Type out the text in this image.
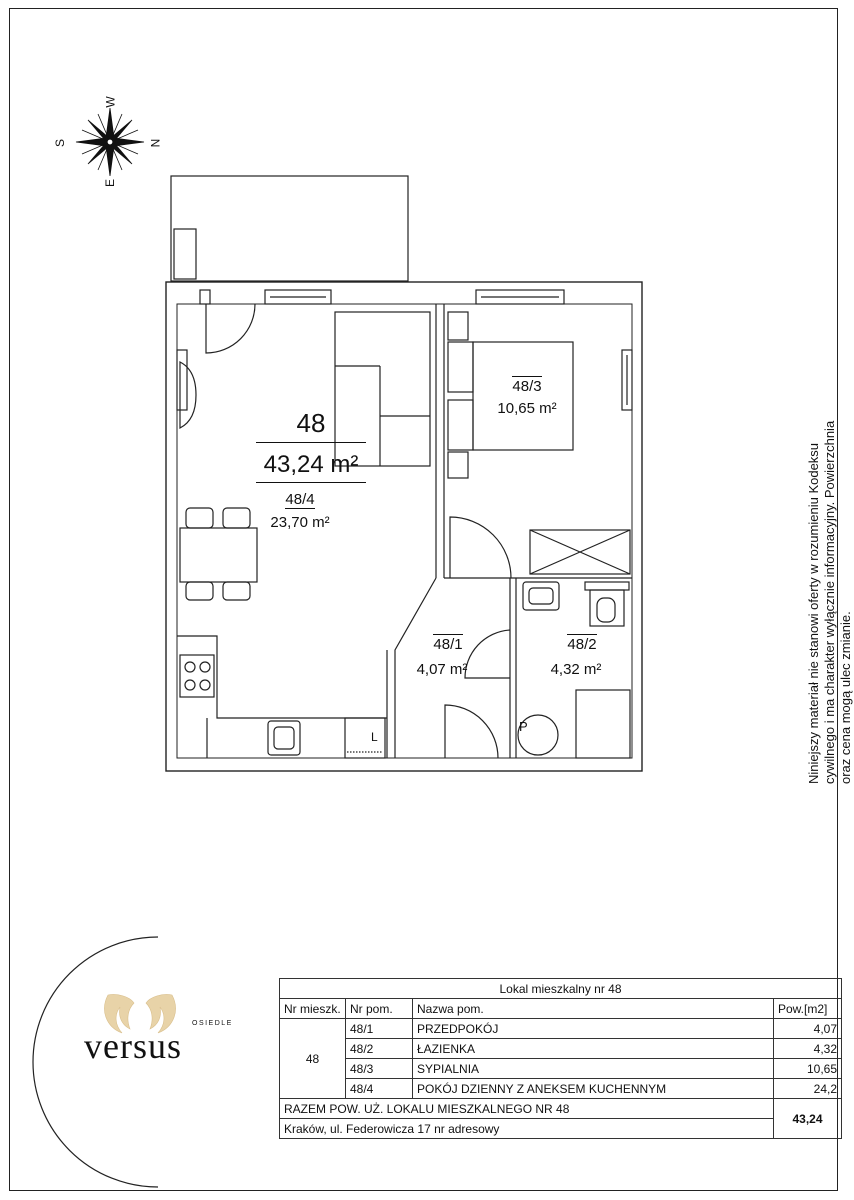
N
S
W
E
48
43,24 m²
48/4
23,70 m²
48/3
10,65 m²
48/1
4,07 m²
48/2
4,32 m²
P
L	Niniejszy materiał nie stanowi oferty w rozumieniu Kodeksu cywilnego i ma charakter wyłącznie informacyjny. Powierzchnia oraz cena mogą ulec zmianie.
OSIEDLE
versus
Lokal mieszkalny nr 48			
Nr mieszk.	Nr pom.	Nazwa pom.	Pow.[m2]
48	48/1	PRZEDPOKÓJ	4,07
	48/2	ŁAZIENKA	4,32
	48/3	SYPIALNIA	10,65
	48/4	POKÓJ DZIENNY Z ANEKSEM KUCHENNYM	24,2
RAZEM POW. UŻ. LOKALU MIESZKALNEGO NR 48			43,24
Kraków, ul. Federowicza 17 nr adresowy			
